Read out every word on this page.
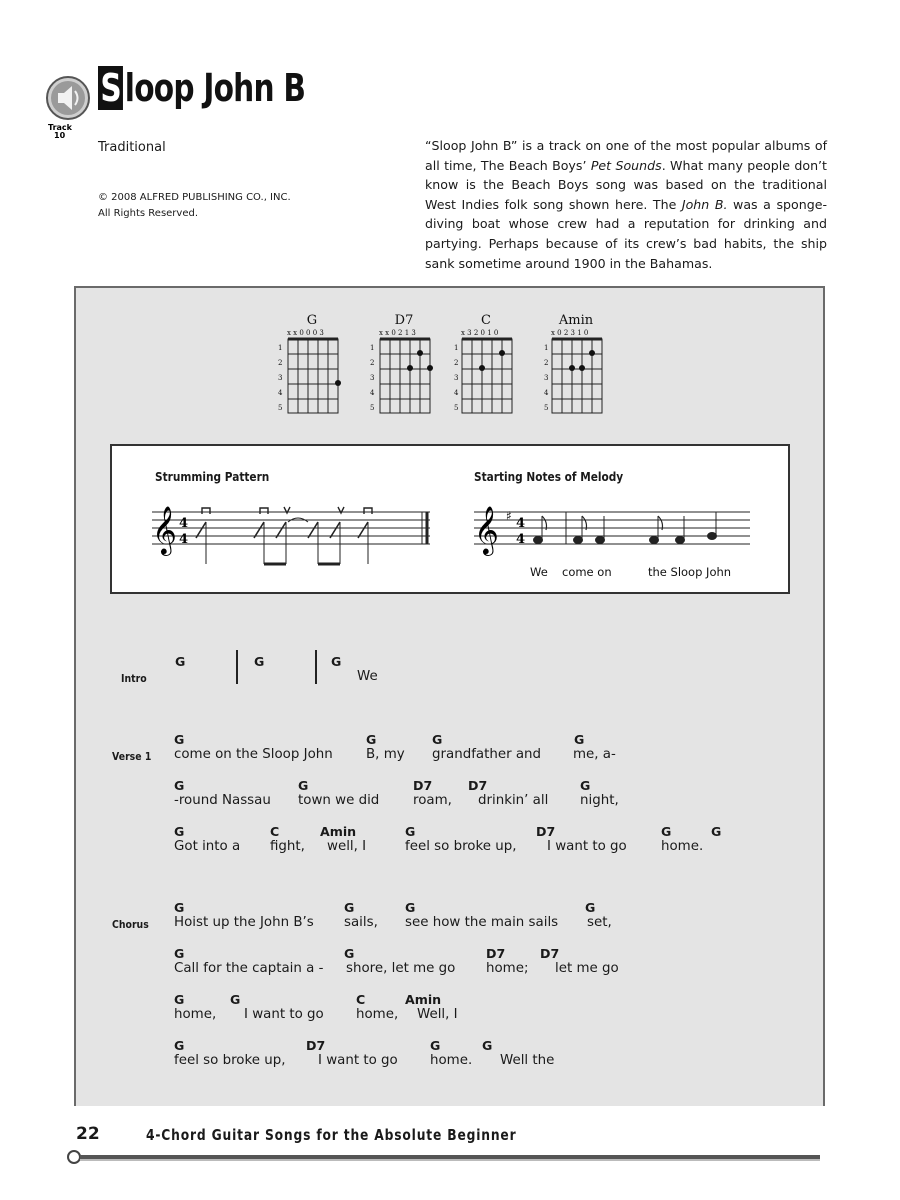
Track
10
S loop John B
Traditional
© 2008 ALFRED PUBLISHING CO., INC.
All Rights Reserved.
“Sloop John B” is a track on one of the most popular albums of all time, The Beach Boys’ Pet Sounds. What many people don’t know is the Beach Boys song was based on the traditional West Indies folk song shown here. The John B. was a sponge-diving boat whose crew had a reputation for drinking and partying. Perhaps because of its crew’s bad habits, the ship sank sometime around 1900 in the Bahamas.
G
x x 0 0 0 3
1
2
3
4
5
D7
x x 0 2 1 3
1
2
3
4
5
C
x 3 2 0 1 0
1
2
3
4
5
Amin
x 0 2 3 1 0
1
2
3
4
5
Strumming Pattern	Starting Notes of Melody
𝄞 4
4	𝄞 ♯ 4
4
We come on	the Sloop John
Intro
G	G	G
We
Verse 1
G	G	G	G
come on the Sloop John B, my grandfather and me, a-
G	G	D7	D7	G
-round Nassau town we did	roam, drinkin’ all night,
G	C	Amin	G	D7	G	G
Got into a fight, well, I	feel so broke up, I want to go	home.
Chorus
G	G	G	G
Hoist up the John B’s sails, see how the main sails set,
G	G	D7	D7
Call for the captain a - shore, let me go home; let me go
G	G	C	Amin
home, I want to go home, Well, I
G	D7	G	G
feel so broke up, I want to go home. Well the
22	4-Chord Guitar Songs for the Absolute Beginner
